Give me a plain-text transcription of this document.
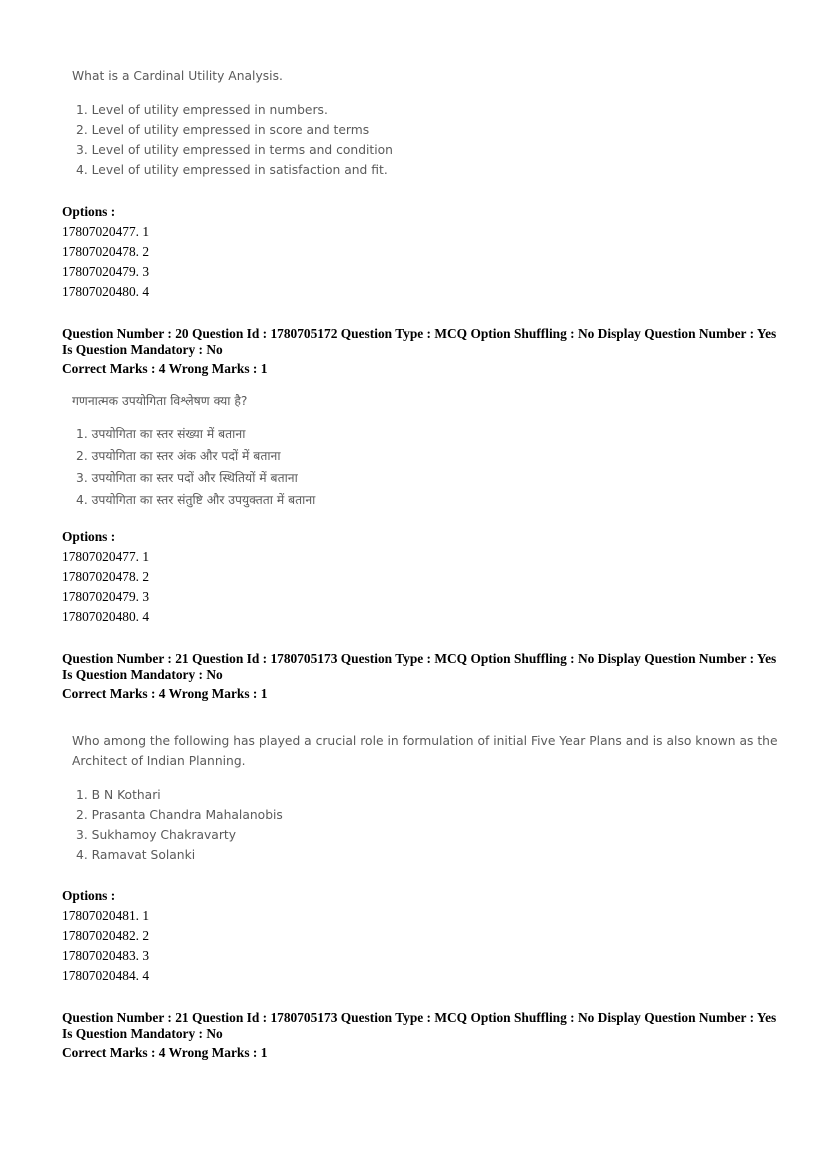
What is a Cardinal Utility Analysis.

1. Level of utility empressed in numbers.
2. Level of utility empressed in score and terms
3. Level of utility empressed in terms and condition
4. Level of utility empressed in satisfaction and fit.
Options :
17807020477. 1
17807020478. 2
17807020479. 3
17807020480. 4
Question Number : 20 Question Id : 1780705172 Question Type : MCQ Option Shuffling : No Display Question Number : Yes
Is Question Mandatory : No
Correct Marks : 4 Wrong Marks : 1

गणनात्मक उपयोगिता विश्लेषण क्या है?

1. उपयोगिता का स्तर संख्या में बताना
2. उपयोगिता का स्तर अंक और पदों में बताना
3. उपयोगिता का स्तर पदों और स्थितियों में बताना
4. उपयोगिता का स्तर संतुष्टि और उपयुक्तता में बताना
Options :
17807020477. 1
17807020478. 2
17807020479. 3
17807020480. 4
Question Number : 21 Question Id : 1780705173 Question Type : MCQ Option Shuffling : No Display Question Number : Yes
Is Question Mandatory : No
Correct Marks : 4 Wrong Marks : 1

Who among the following has played a crucial role in formulation of initial Five Year Plans and is also known as the

Architect of Indian Planning.

1. B N Kothari
2. Prasanta Chandra Mahalanobis
3. Sukhamoy Chakravarty
4. Ramavat Solanki
Options :
17807020481. 1
17807020482. 2
17807020483. 3
17807020484. 4
Question Number : 21 Question Id : 1780705173 Question Type : MCQ Option Shuffling : No Display Question Number : Yes
Is Question Mandatory : No
Correct Marks : 4 Wrong Marks : 1
